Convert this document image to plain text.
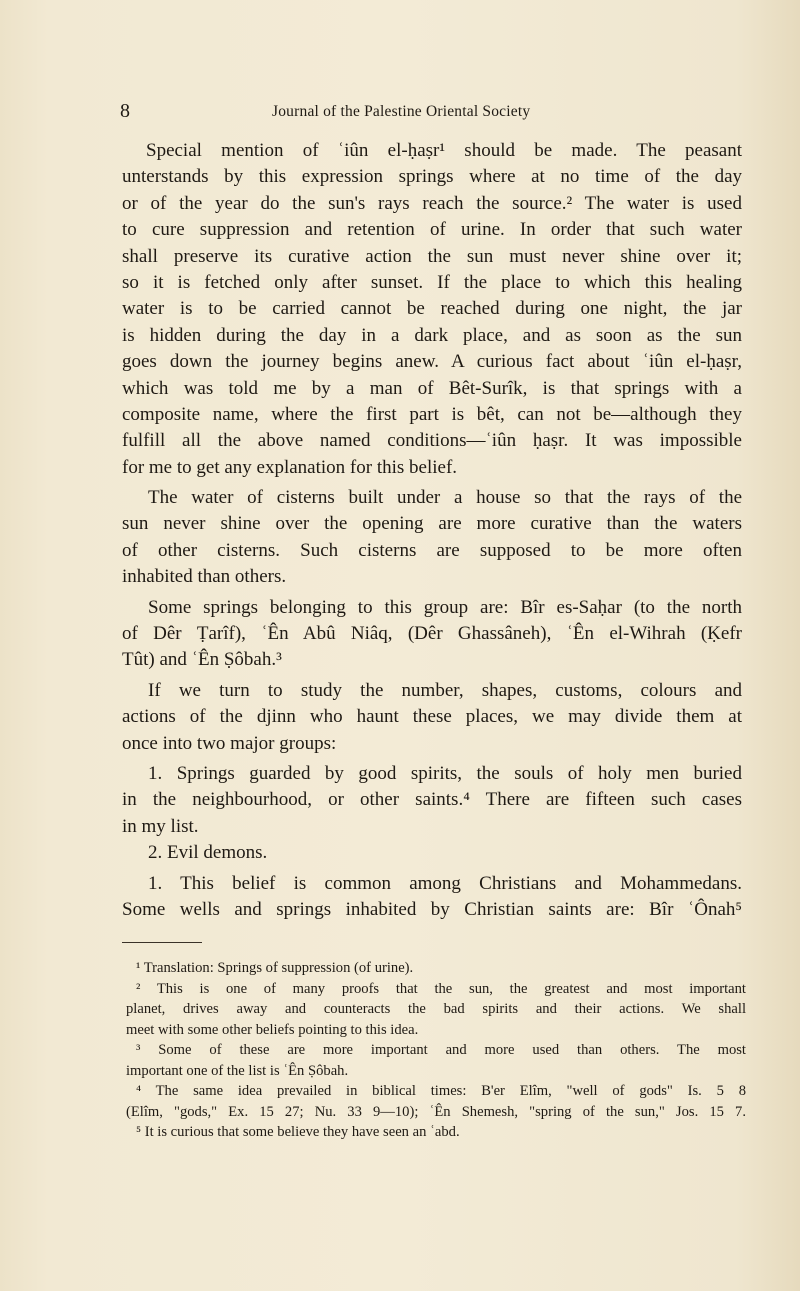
8	Journal of the Palestine Oriental Society
Special mention of ʿiûn el-ḥaṣr¹ should be made. The peasant
unterstands by this expression springs where at no time of the day
or of the year do the sun's rays reach the source.² The water is used
to cure suppression and retention of urine. In order that such water
shall preserve its curative action the sun must never shine over it;
so it is fetched only after sunset. If the place to which this healing
water is to be carried cannot be reached during one night, the jar
is hidden during the day in a dark place, and as soon as the sun
goes down the journey begins anew. A curious fact about ʿiûn el-ḥaṣr,
which was told me by a man of Bêt-Surîk, is that springs with a
composite name, where the first part is bêt, can not be—although they
fulfill all the above named conditions—ʿiûn ḥaṣr. It was impossible
for me to get any explanation for this belief.
The water of cisterns built under a house so that the rays of the
sun never shine over the opening are more curative than the waters
of other cisterns. Such cisterns are supposed to be more often
inhabited than others.
Some springs belonging to this group are: Bîr es-Saḥar (to the north
of Dêr Ṭarîf), ʿÊn Abû Niâq, (Dêr Ghassâneh), ʿÊn el-Wihrah (Ḳefr
Tût) and ʿÊn Ṣôbah.³
If we turn to study the number, shapes, customs, colours and
actions of the djinn who haunt these places, we may divide them at
once into two major groups:
1. Springs guarded by good spirits, the souls of holy men buried
in the neighbourhood, or other saints.⁴ There are fifteen such cases
in my list.
2. Evil demons.
1. This belief is common among Christians and Mohammedans.
Some wells and springs inhabited by Christian saints are: Bîr ʿÔnah⁵
¹ Translation: Springs of suppression (of urine).
² This is one of many proofs that the sun, the greatest and most important
planet, drives away and counteracts the bad spirits and their actions. We shall
meet with some other beliefs pointing to this idea.
³ Some of these are more important and more used than others. The most
important one of the list is ʿÊn Ṣôbah.
⁴ The same idea prevailed in biblical times: B'er Elîm, "well of gods" Is. 5 8
(Elîm, "gods," Ex. 15 27; Nu. 33 9—10); ʿÊn Shemesh, "spring of the sun," Jos. 15 7.
⁵ It is curious that some believe they have seen an ʿabd.
